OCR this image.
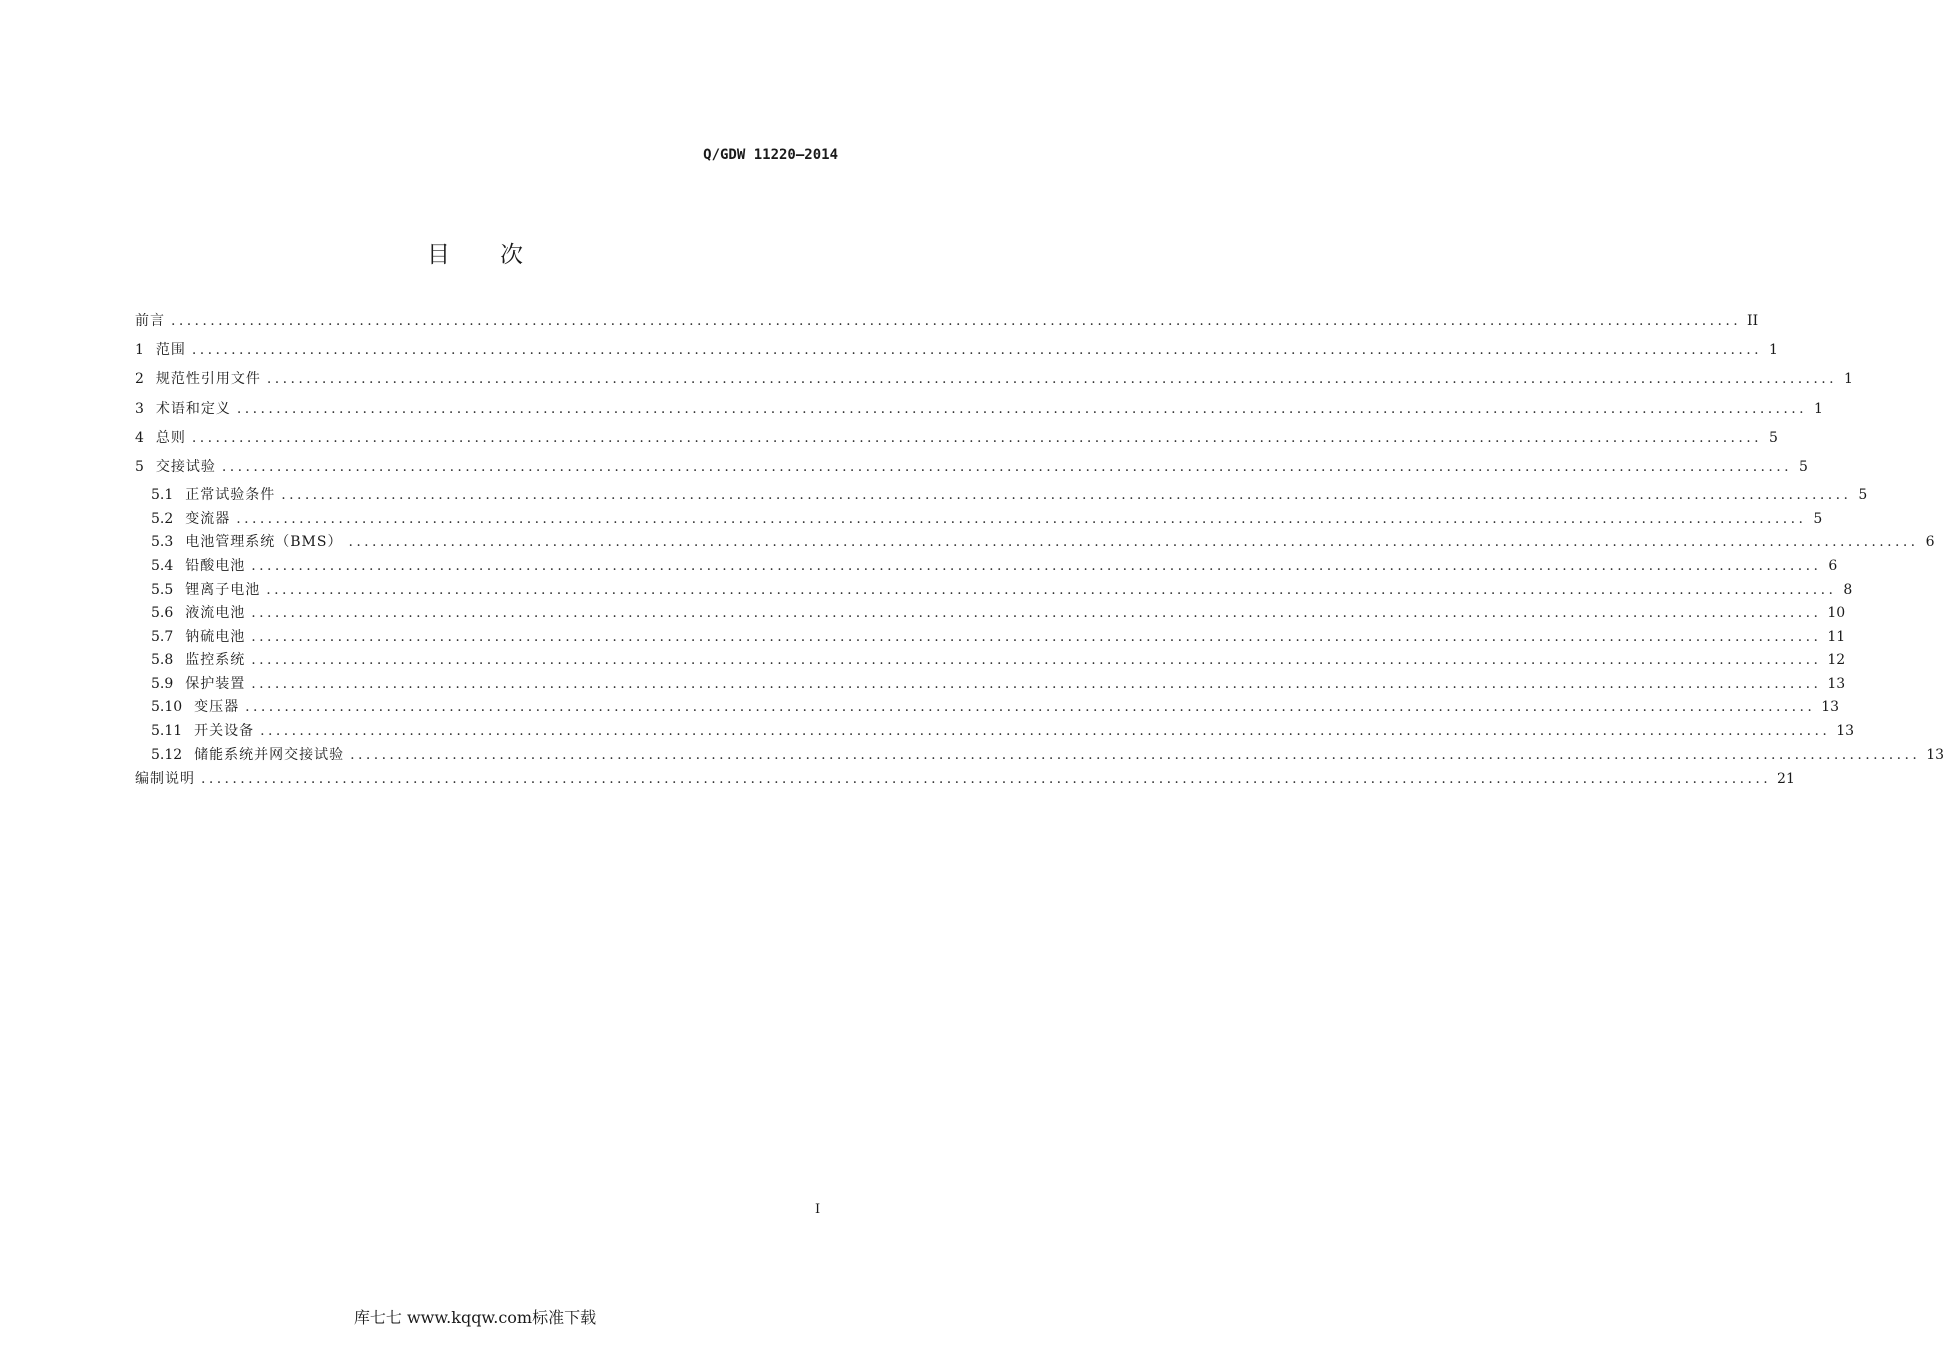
Q/GDW 11220—2014
目次
前言 ........................................................................................................................................................................................................ II
1 范围 ........................................................................................................................................................................................................ 1
2 规范性引用文件 ........................................................................................................................................................................................................ 1
3 术语和定义 ........................................................................................................................................................................................................ 1
4 总则 ........................................................................................................................................................................................................ 5
5 交接试验 ........................................................................................................................................................................................................ 5
5.1 正常试验条件 ........................................................................................................................................................................................................ 5
5.2 变流器 ........................................................................................................................................................................................................ 5
5.3 电池管理系统（BMS） ........................................................................................................................................................................................................ 6
5.4 铅酸电池 ........................................................................................................................................................................................................ 6
5.5 锂离子电池 ........................................................................................................................................................................................................ 8
5.6 液流电池 ........................................................................................................................................................................................................ 10
5.7 钠硫电池 ........................................................................................................................................................................................................ 11
5.8 监控系统 ........................................................................................................................................................................................................ 12
5.9 保护装置 ........................................................................................................................................................................................................ 13
5.10 变压器 ........................................................................................................................................................................................................ 13
5.11 开关设备 ........................................................................................................................................................................................................ 13
5.12 储能系统并网交接试验 ........................................................................................................................................................................................................ 13
编制说明 ........................................................................................................................................................................................................ 21
I
库七七 www.kqqw.com标准下载
